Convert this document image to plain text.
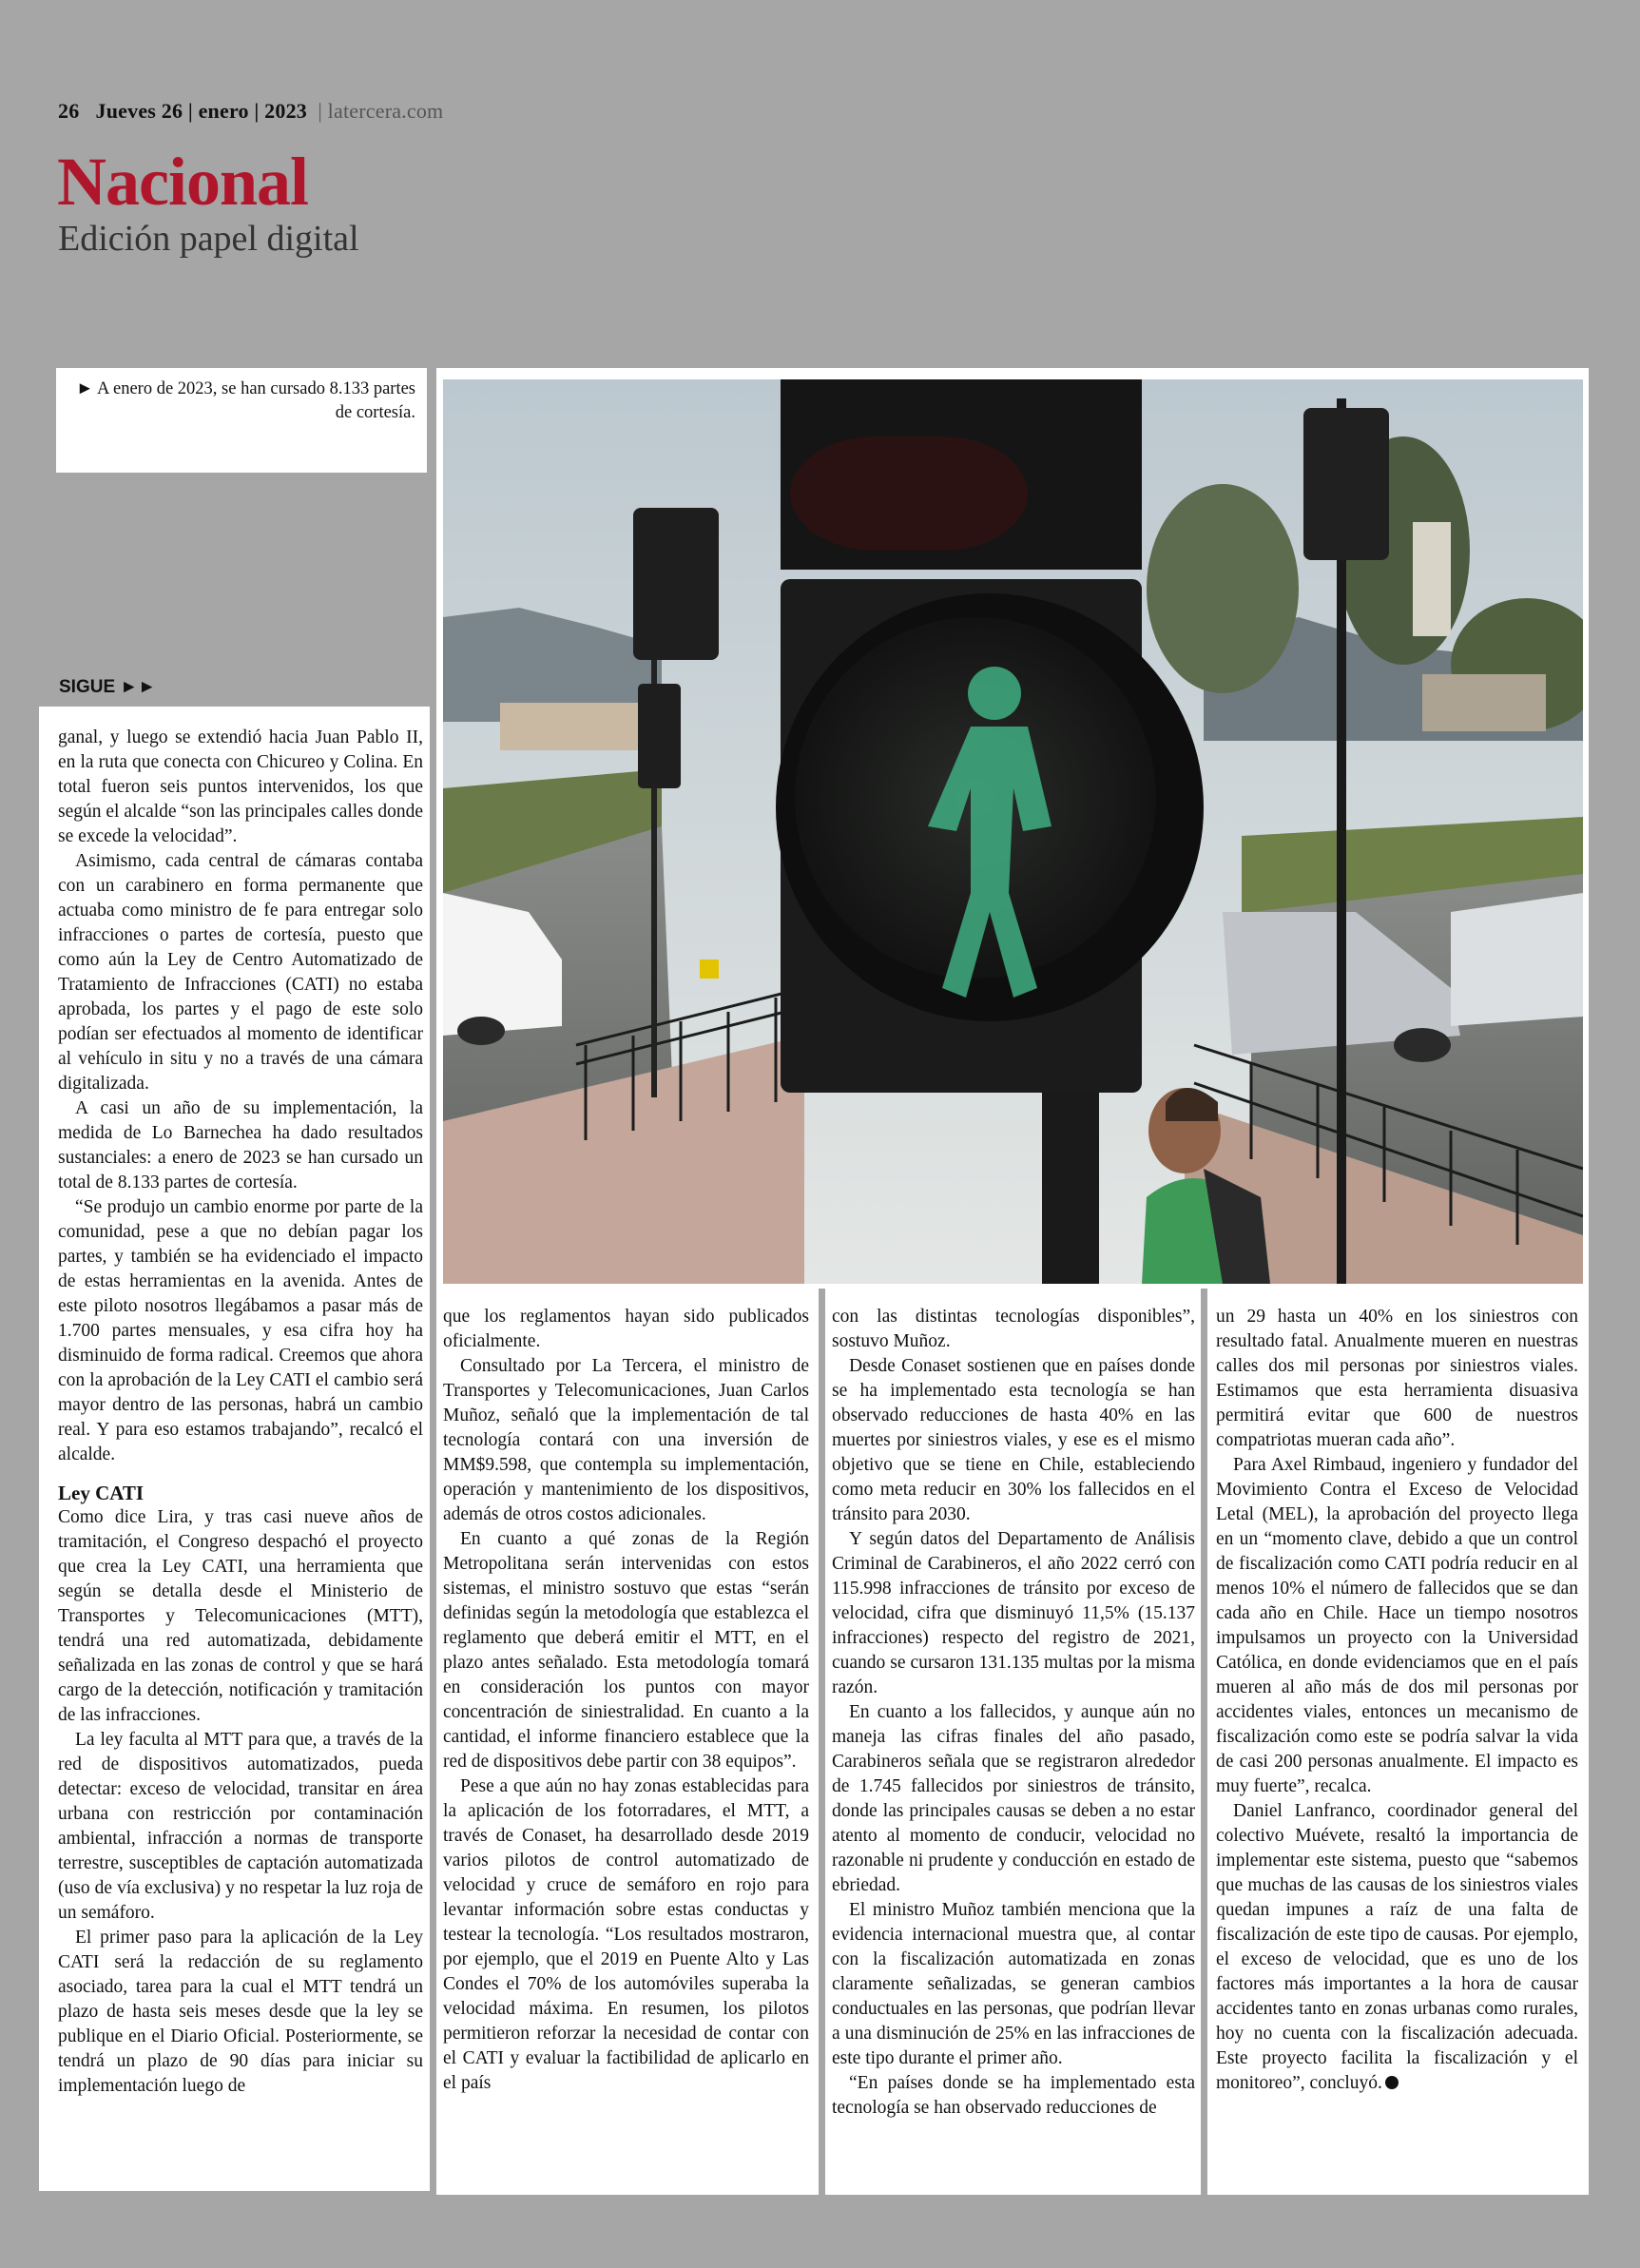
26 Jueves 26 | enero | 2023 | latercera.com
Nacional
Edición papel digital
► A enero de 2023, se han cursado 8.133 partes de cortesía.
SIGUE ►►

ganal, y luego se extendió hacia Juan Pablo II, en la ruta que conecta con Chicureo y Colina. En total fueron seis puntos intervenidos, los que según el alcalde “son las principales calles donde se excede la velocidad”.

Asimismo, cada central de cámaras contaba con un carabinero en forma permanente que actuaba como ministro de fe para entregar solo infracciones o partes de cortesía, puesto que como aún la Ley de Centro Automatizado de Tratamiento de Infracciones (CATI) no estaba aprobada, los partes y el pago de este solo podían ser efectuados al momento de identificar al vehículo in situ y no a través de una cámara digitalizada.

A casi un año de su implementación, la medida de Lo Barnechea ha dado resultados sustanciales: a enero de 2023 se han cursado un total de 8.133 partes de cortesía.

“Se produjo un cambio enorme por parte de la comunidad, pese a que no debían pagar los partes, y también se ha evidenciado el impacto de estas herramientas en la avenida. Antes de este piloto nosotros llegábamos a pasar más de 1.700 partes mensuales, y esa cifra hoy ha disminuido de forma radical. Creemos que ahora con la aprobación de la Ley CATI el cambio será mayor dentro de las personas, habrá un cambio real. Y para eso estamos trabajando”, recalcó el alcalde.

Ley CATI

Como dice Lira, y tras casi nueve años de tramitación, el Congreso despachó el proyecto que crea la Ley CATI, una herramienta que según se detalla desde el Ministerio de Transportes y Telecomunicaciones (MTT), tendrá una red automatizada, debidamente señalizada en las zonas de control y que se hará cargo de la detección, notificación y tramitación de las infracciones.

La ley faculta al MTT para que, a través de la red de dispositivos automatizados, pueda detectar: exceso de velocidad, transitar en área urbana con restricción por contaminación ambiental, infracción a normas de transporte terrestre, susceptibles de captación automatizada (uso de vía exclusiva) y no respetar la luz roja de un semáforo.

El primer paso para la aplicación de la Ley CATI será la redacción de su reglamento asociado, tarea para la cual el MTT tendrá un plazo de hasta seis meses desde que la ley se publique en el Diario Oficial. Posteriormente, se tendrá un plazo de 90 días para iniciar su implementación luego de

que los reglamentos hayan sido publicados oficialmente.

Consultado por La Tercera, el ministro de Transportes y Telecomunicaciones, Juan Carlos Muñoz, señaló que la implementación de tal tecnología contará con una inversión de MM$9.598, que contempla su implementación, operación y mantenimiento de los dispositivos, además de otros costos adicionales.

En cuanto a qué zonas de la Región Metropolitana serán intervenidas con estos sistemas, el ministro sostuvo que estas “serán definidas según la metodología que establezca el reglamento que deberá emitir el MTT, en el plazo antes señalado. Esta metodología tomará en consideración los puntos con mayor concentración de siniestralidad. En cuanto a la cantidad, el informe financiero establece que la red de dispositivos debe partir con 38 equipos”.

Pese a que aún no hay zonas establecidas para la aplicación de los fotorradares, el MTT, a través de Conaset, ha desarrollado desde 2019 varios pilotos de control automatizado de velocidad y cruce de semáforo en rojo para levantar información sobre estas conductas y testear la tecnología. “Los resultados mostraron, por ejemplo, que el 2019 en Puente Alto y Las Condes el 70% de los automóviles superaba la velocidad máxima. En resumen, los pilotos permitieron reforzar la necesidad de contar con el CATI y evaluar la factibilidad de aplicarlo en el país

con las distintas tecnologías disponibles”, sostuvo Muñoz.

Desde Conaset sostienen que en países donde se ha implementado esta tecnología se han observado reducciones de hasta 40% en las muertes por siniestros viales, y ese es el mismo objetivo que se tiene en Chile, estableciendo como meta reducir en 30% los fallecidos en el tránsito para 2030.

Y según datos del Departamento de Análisis Criminal de Carabineros, el año 2022 cerró con 115.998 infracciones de tránsito por exceso de velocidad, cifra que disminuyó 11,5% (15.137 infracciones) respecto del registro de 2021, cuando se cursaron 131.135 multas por la misma razón.

En cuanto a los fallecidos, y aunque aún no maneja las cifras finales del año pasado, Carabineros señala que se registraron alrededor de 1.745 fallecidos por siniestros de tránsito, donde las principales causas se deben a no estar atento al momento de conducir, velocidad no razonable ni prudente y conducción en estado de ebriedad.

El ministro Muñoz también menciona que la evidencia internacional muestra que, al contar con la fiscalización automatizada en zonas claramente señalizadas, se generan cambios conductuales en las personas, que podrían llevar a una disminución de 25% en las infracciones de este tipo durante el primer año.

“En países donde se ha implementado esta tecnología se han observado reducciones de

un 29 hasta un 40% en los siniestros con resultado fatal. Anualmente mueren en nuestras calles dos mil personas por siniestros viales. Estimamos que esta herramienta disuasiva permitirá evitar que 600 de nuestros compatriotas mueran cada año”.

Para Axel Rimbaud, ingeniero y fundador del Movimiento Contra el Exceso de Velocidad Letal (MEL), la aprobación del proyecto llega en un “momento clave, debido a que un control de fiscalización como CATI podría reducir en al menos 10% el número de fallecidos que se dan cada año en Chile. Hace un tiempo nosotros impulsamos un proyecto con la Universidad Católica, en donde evidenciamos que en el país mueren al año más de dos mil personas por accidentes viales, entonces un mecanismo de fiscalización como este se podría salvar la vida de casi 200 personas anualmente. El impacto es muy fuerte”, recalca.

Daniel Lanfranco, coordinador general del colectivo Muévete, resaltó la importancia de implementar este sistema, puesto que “sabemos que muchas de las causas de los siniestros viales quedan impunes a raíz de una falta de fiscalización de este tipo de causas. Por ejemplo, el exceso de velocidad, que es uno de los factores más importantes a la hora de causar accidentes tanto en zonas urbanas como rurales, hoy no cuenta con la fiscalización adecuada. Este proyecto facilita la fiscalización y el monitoreo”, concluyó.
